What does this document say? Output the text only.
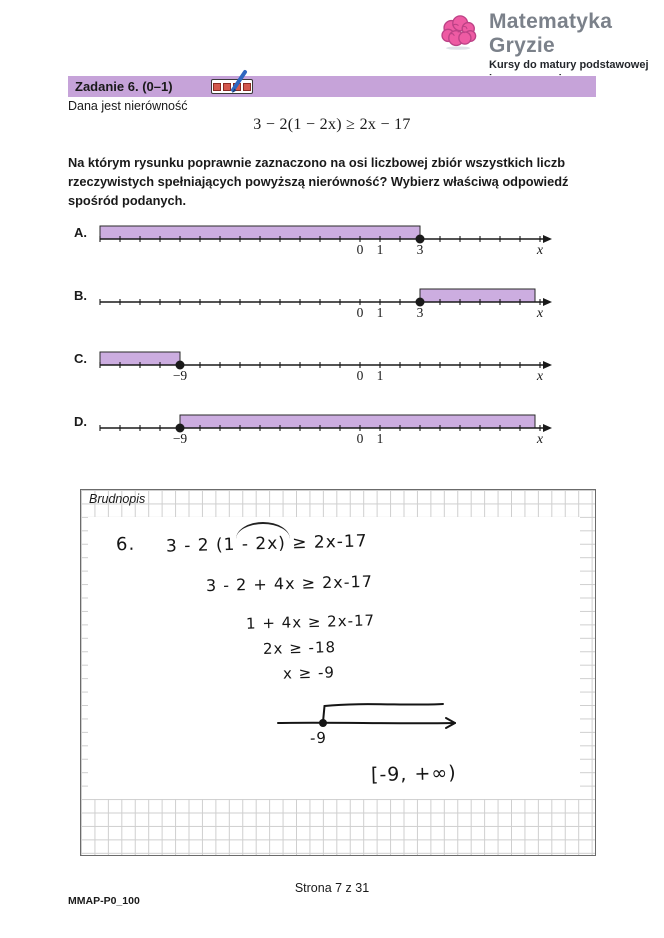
Matematyka Gryzie
Kursy do matury podstawowej
Zadanie 6. (0–1)
Dana jest nierówność
3 − 2(1 − 2x) ≥ 2x − 17
Na którym rysunku poprawnie zaznaczono na osi liczbowej zbiór wszystkich liczb rzeczywistych spełniających powyższą nierówność? Wybierz właściwą odpowiedź spośród podanych.
A.
0 1 3	x
B.
0 1 3	x
C.
−9	0 1	x
D.
−9	0 1	x
Brudnopis
6. 3 - 2 (1 - 2x) ≥ 2x-17
3 - 2 + 4x ≥ 2x-17
1 + 4x ≥ 2x-17
2x ≥ -18
x ≥ -9
-9
[-9, +∞)
Strona 7 z 31
MMAP-P0_100
